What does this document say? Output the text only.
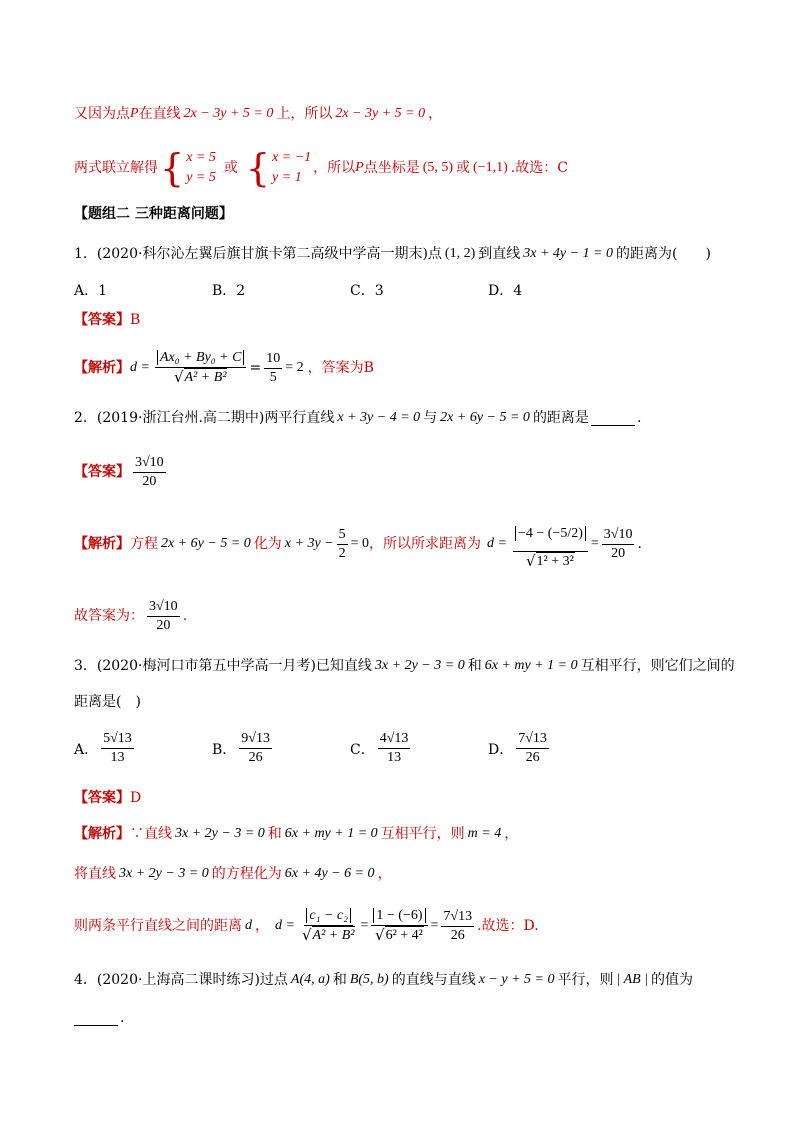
又因为点 P 在直线 2x − 3y + 5 = 0 上，所以 2x − 3y + 5 = 0 ，
两式联立解得 { x = 5
y = 5
或 { x = −1
y = 1
，所以 P 点坐标是 (5, 5) 或 (−1,1) .故选：C
【题组二 三种距离问题】
1．(2020·科尔沁左翼后旗甘旗卡第二高级中学高一期末)点 (1, 2) 到直线 3x + 4y − 1 = 0 的距离为(　　)
A．1	B．2	C．3	D．4
【答案】 B
【解析】 $d = \frac{\text{Ax₀ + By₀ + C}}{\text{√ A² + B²}} = \frac{10}{5} = 2$ ，答案为B
2．(2019·浙江台州.高二期中)两平行直线 x + 3y − 4 = 0 与 2x + 6y − 5 = 0 的距离是	.
【答案】 $\frac{3√10}{20}$
【解析】 方程 2x + 6y − 5 = 0 化为 $x + 3y - \frac{5}{2} = 0$ ，所以所求距离为 $d = \frac{-4 - (-5/2)}{\text{√ 1² + 3²}} = \frac{3√10}{20}$ .
故答案为： $\frac{3√10}{20}$ .
3．(2020·梅河口市第五中学高一月考)已知直线 3x + 2y − 3 = 0 和 6x + my + 1 = 0 互相平行，则它们之间的
距离是(　)
A． $\frac{5√13}{13}$	B． $\frac{9√13}{26}$	C． $\frac{4√13}{13}$	D． $\frac{7√13}{26}$
【答案】 D
【解析】 ∵直线 3x + 2y − 3 = 0 和 6x + my + 1 = 0 互相平行，则 m = 4 ，
将直线 3x + 2y − 3 = 0 的方程化为 6x + 4y − 6 = 0 ，
则两条平行直线之间的距离 d ， $d = \frac{\text{c₁ − c₂}}{\text{√ A² + B²}} = \frac{1 - (-6)}{\text{√ 6² + 4²}} = \frac{7√13}{26}$ .故选：D.
4．(2020·上海高二课时练习)过点 A(4, a) 和 B(5, b) 的直线与直线 x − y + 5 = 0 平行，则 | AB | 的值为
.
